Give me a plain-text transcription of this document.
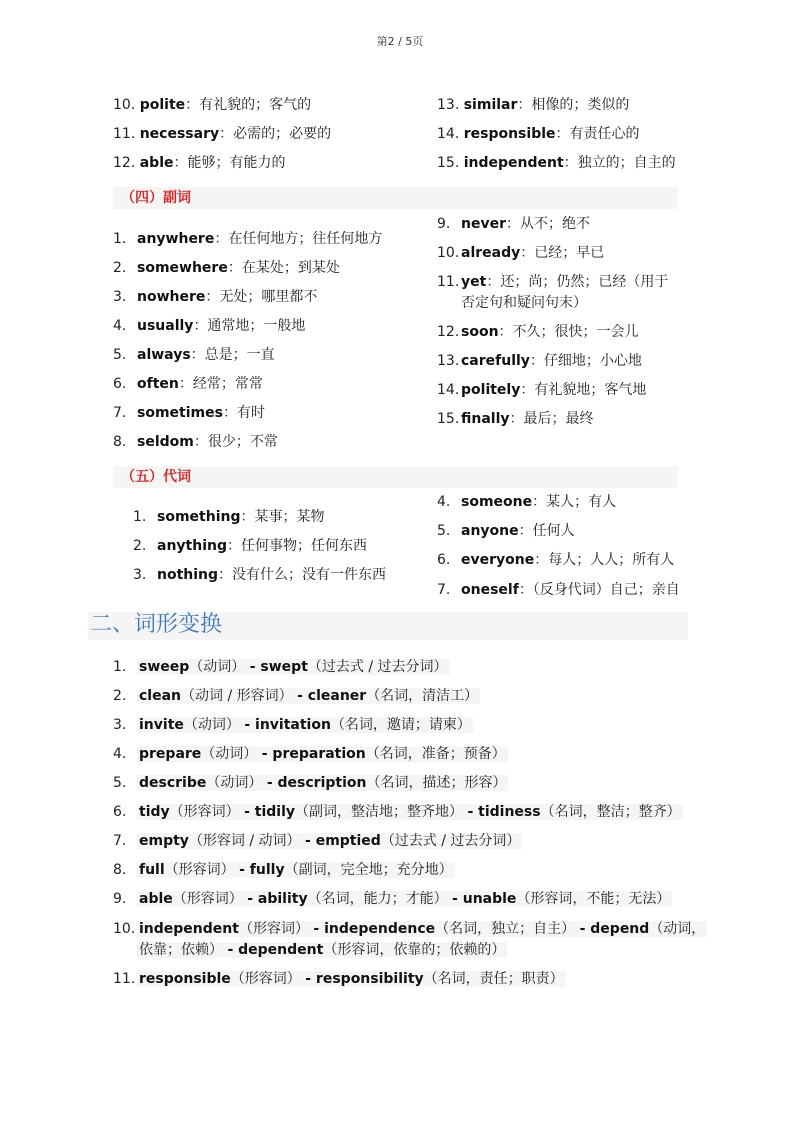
第2 / 5页
10. polite：有礼貌的；客气的
11. necessary：必需的；必要的
12. able：能够；有能力的
13. similar：相像的；类似的
14. responsible：有责任心的
15. independent：独立的；自主的
（四）副词
1. anywhere：在任何地方；往任何地方
2. somewhere：在某处；到某处
3. nowhere：无处；哪里都不
4. usually：通常地；一般地
5. always：总是；一直
6. often：经常；常常
7. sometimes：有时
8. seldom：很少；不常
9. never：从不；绝不
10. already：已经；早已
11. yet：还；尚；仍然；已经（用于
否定句和疑问句末）
12. soon：不久；很快；一会儿
13. carefully：仔细地；小心地
14. politely：有礼貌地；客气地
15. finally：最后；最终
（五）代词
1. something：某事；某物
2. anything：任何事物；任何东西
3. nothing：没有什么；没有一件东西
4. someone：某人；有人
5. anyone：任何人
6. everyone：每人；人人；所有人
7. oneself：（反身代词）自己；亲自
二、词形变换
1. sweep（动词） - swept（过去式 / 过去分词）
2. clean（动词 / 形容词） - cleaner（名词，清洁工）
3. invite（动词） - invitation（名词，邀请；请柬）
4. prepare（动词） - preparation（名词，准备；预备）
5. describe（动词） - description（名词，描述；形容）
6. tidy（形容词） - tidily（副词，整洁地；整齐地） - tidiness（名词，整洁；整齐）
7. empty（形容词 / 动词） - emptied（过去式 / 过去分词）
8. full（形容词） - fully（副词，完全地；充分地）
9. able（形容词） - ability（名词，能力；才能） - unable（形容词，不能；无法）
10. independent（形容词） - independence（名词，独立；自主） - depend（动词，
依靠；依赖） - dependent（形容词，依靠的；依赖的）
11. responsible（形容词） - responsibility（名词，责任；职责）
